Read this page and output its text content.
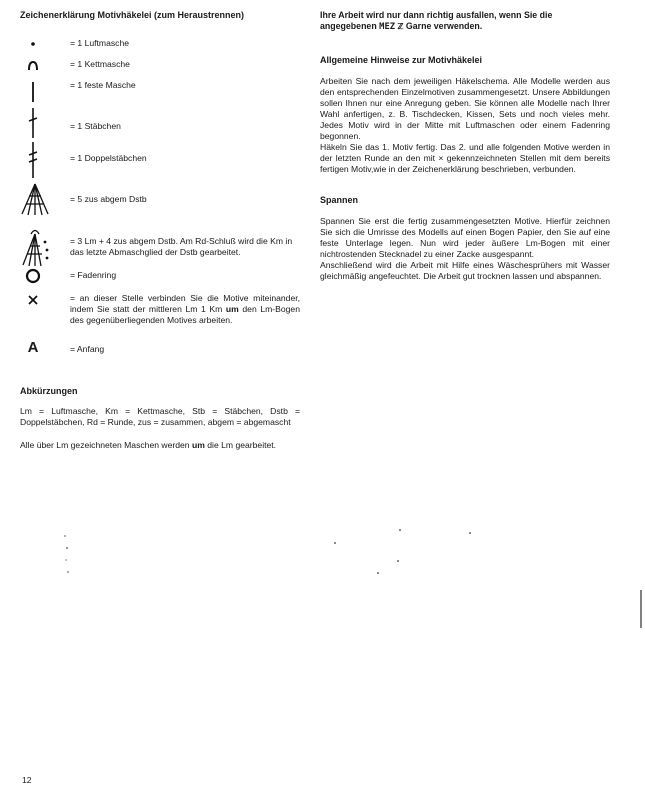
Zeichenerklärung Motivhäkelei (zum Heraustrennen)
= 1 Luftmasche
= 1 Kettmasche
= 1 feste Masche
= 1 Stäbchen
= 1 Doppelstäbchen
= 5 zus abgem Dstb
= 3 Lm + 4 zus abgem Dstb. Am Rd-Schluß wird die Km in das letzte Abmaschglied der Dstb gearbeitet.
= Fadenring
= an dieser Stelle verbinden Sie die Motive miteinander, indem Sie statt der mittleren Lm 1 Km um den Lm-Bogen des gegenüberliegenden Motives arbeiten.
A	= Anfang
Abkürzungen

Lm = Luftmasche, Km = Kettmasche, Stb = Stäbchen, Dstb = Doppelstäbchen, Rd = Runde, zus = zusammen, abgem = abgemascht

Alle über Lm gezeichneten Maschen werden um die Lm gearbeitet.

Ihre Arbeit wird nur dann richtig ausfallen, wenn Sie die angegebenen MEZ ℤ Garne verwenden.

Allgemeine Hinweise zur Motivhäkelei

Arbeiten Sie nach dem jeweiligen Häkelschema. Alle Modelle werden aus den entsprechenden Einzelmotiven zusammengesetzt. Unsere Abbildungen sollen Ihnen nur eine Anregung geben. Sie können alle Modelle nach Ihrer Wahl anfertigen, z. B. Tischdecken, Kissen, Sets und noch vieles mehr. Jedes Motiv wird in der Mitte mit Luftmaschen oder einem Fadenring begonnen.

Häkeln Sie das 1. Motiv fertig. Das 2. und alle folgenden Motive werden in der letzten Runde an den mit × gekennzeichneten Stellen mit dem bereits fertigen Motiv,wie in der Zeichenerklärung beschrieben, verbunden.

Spannen

Spannen Sie erst die fertig zusammengesetzten Motive. Hierfür zeichnen Sie sich die Umrisse des Modells auf einen Bogen Papier, den Sie auf eine feste Unterlage legen. Nun wird jeder äußere Lm-Bogen mit einer nichtrostenden Stecknadel zu einer Zacke ausgespannt.

Anschließend wird die Arbeit mit Hilfe eines Wäschesprühers mit Wasser gleichmäßig angefeuchtet. Die Arbeit gut trocknen lassen und abspannen.

12
